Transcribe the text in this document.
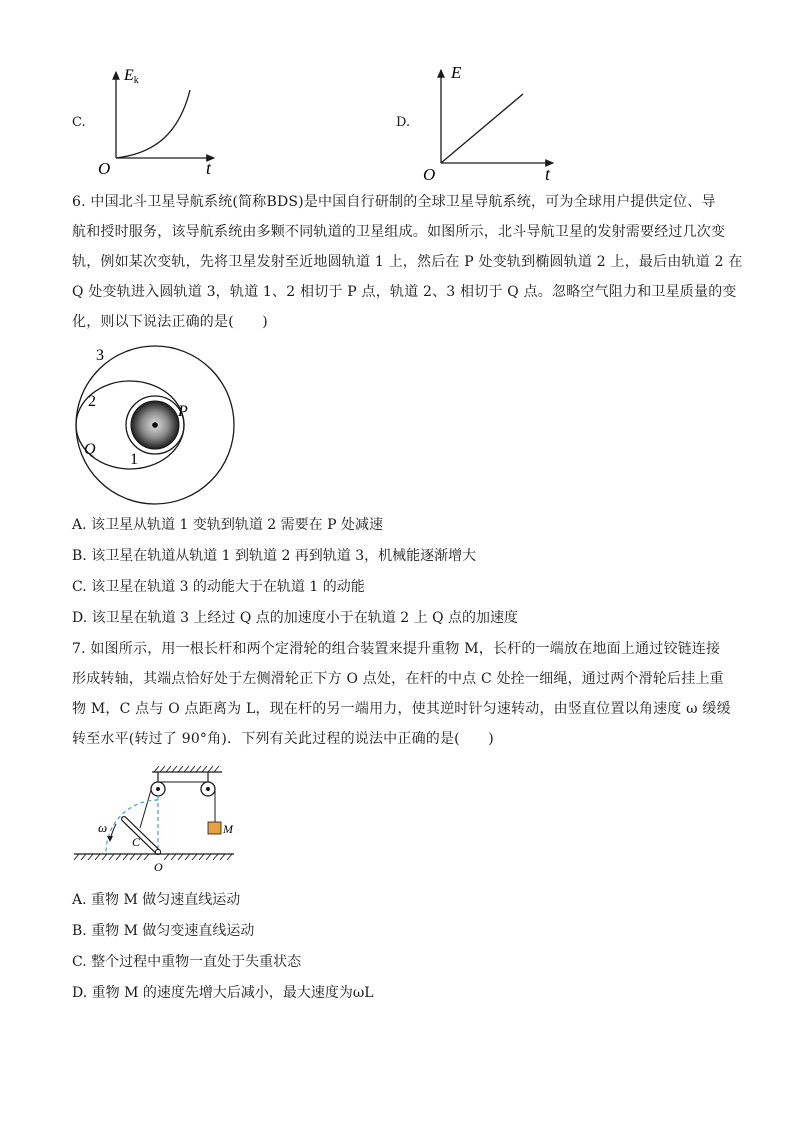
C.
Ek
t
O
D.
E
t
O
6. 中国北斗卫星导航系统(简称BDS)是中国自行研制的全球卫星导航系统，可为全球用户提供定位、导
航和授时服务，该导航系统由多颗不同轨道的卫星组成。如图所示，北斗导航卫星的发射需要经过几次变
轨，例如某次变轨，先将卫星发射至近地圆轨道 1 上，然后在 P 处变轨到椭圆轨道 2 上，最后由轨道 2 在
Q 处变轨进入圆轨道 3，轨道 1、2 相切于 P 点，轨道 2、3 相切于 Q 点。忽略空气阻力和卫星质量的变
化，则以下说法正确的是(　　)
3
2
1
P
Q
A. 该卫星从轨道 1 变轨到轨道 2 需要在 P 处减速
B. 该卫星在轨道从轨道 1 到轨道 2 再到轨道 3，机械能逐渐增大
C. 该卫星在轨道 3 的动能大于在轨道 1 的动能
D. 该卫星在轨道 3 上经过 Q 点的加速度小于在轨道 2 上 Q 点的加速度
7. 如图所示，用一根长杆和两个定滑轮的组合装置来提升重物 M，长杆的一端放在地面上通过铰链连接
形成转轴，其端点恰好处于左侧滑轮正下方 O 点处，在杆的中点 C 处拴一细绳，通过两个滑轮后挂上重
物 M，C 点与 O 点距离为 L，现在杆的另一端用力，使其逆时针匀速转动，由竖直位置以角速度 ω 缓缓
转至水平(转过了 90°角)．下列有关此过程的说法中正确的是(　　)
ω
C
O
M
A. 重物 M 做匀速直线运动
B. 重物 M 做匀变速直线运动
C. 整个过程中重物一直处于失重状态
D. 重物 M 的速度先增大后减小，最大速度为ωL
